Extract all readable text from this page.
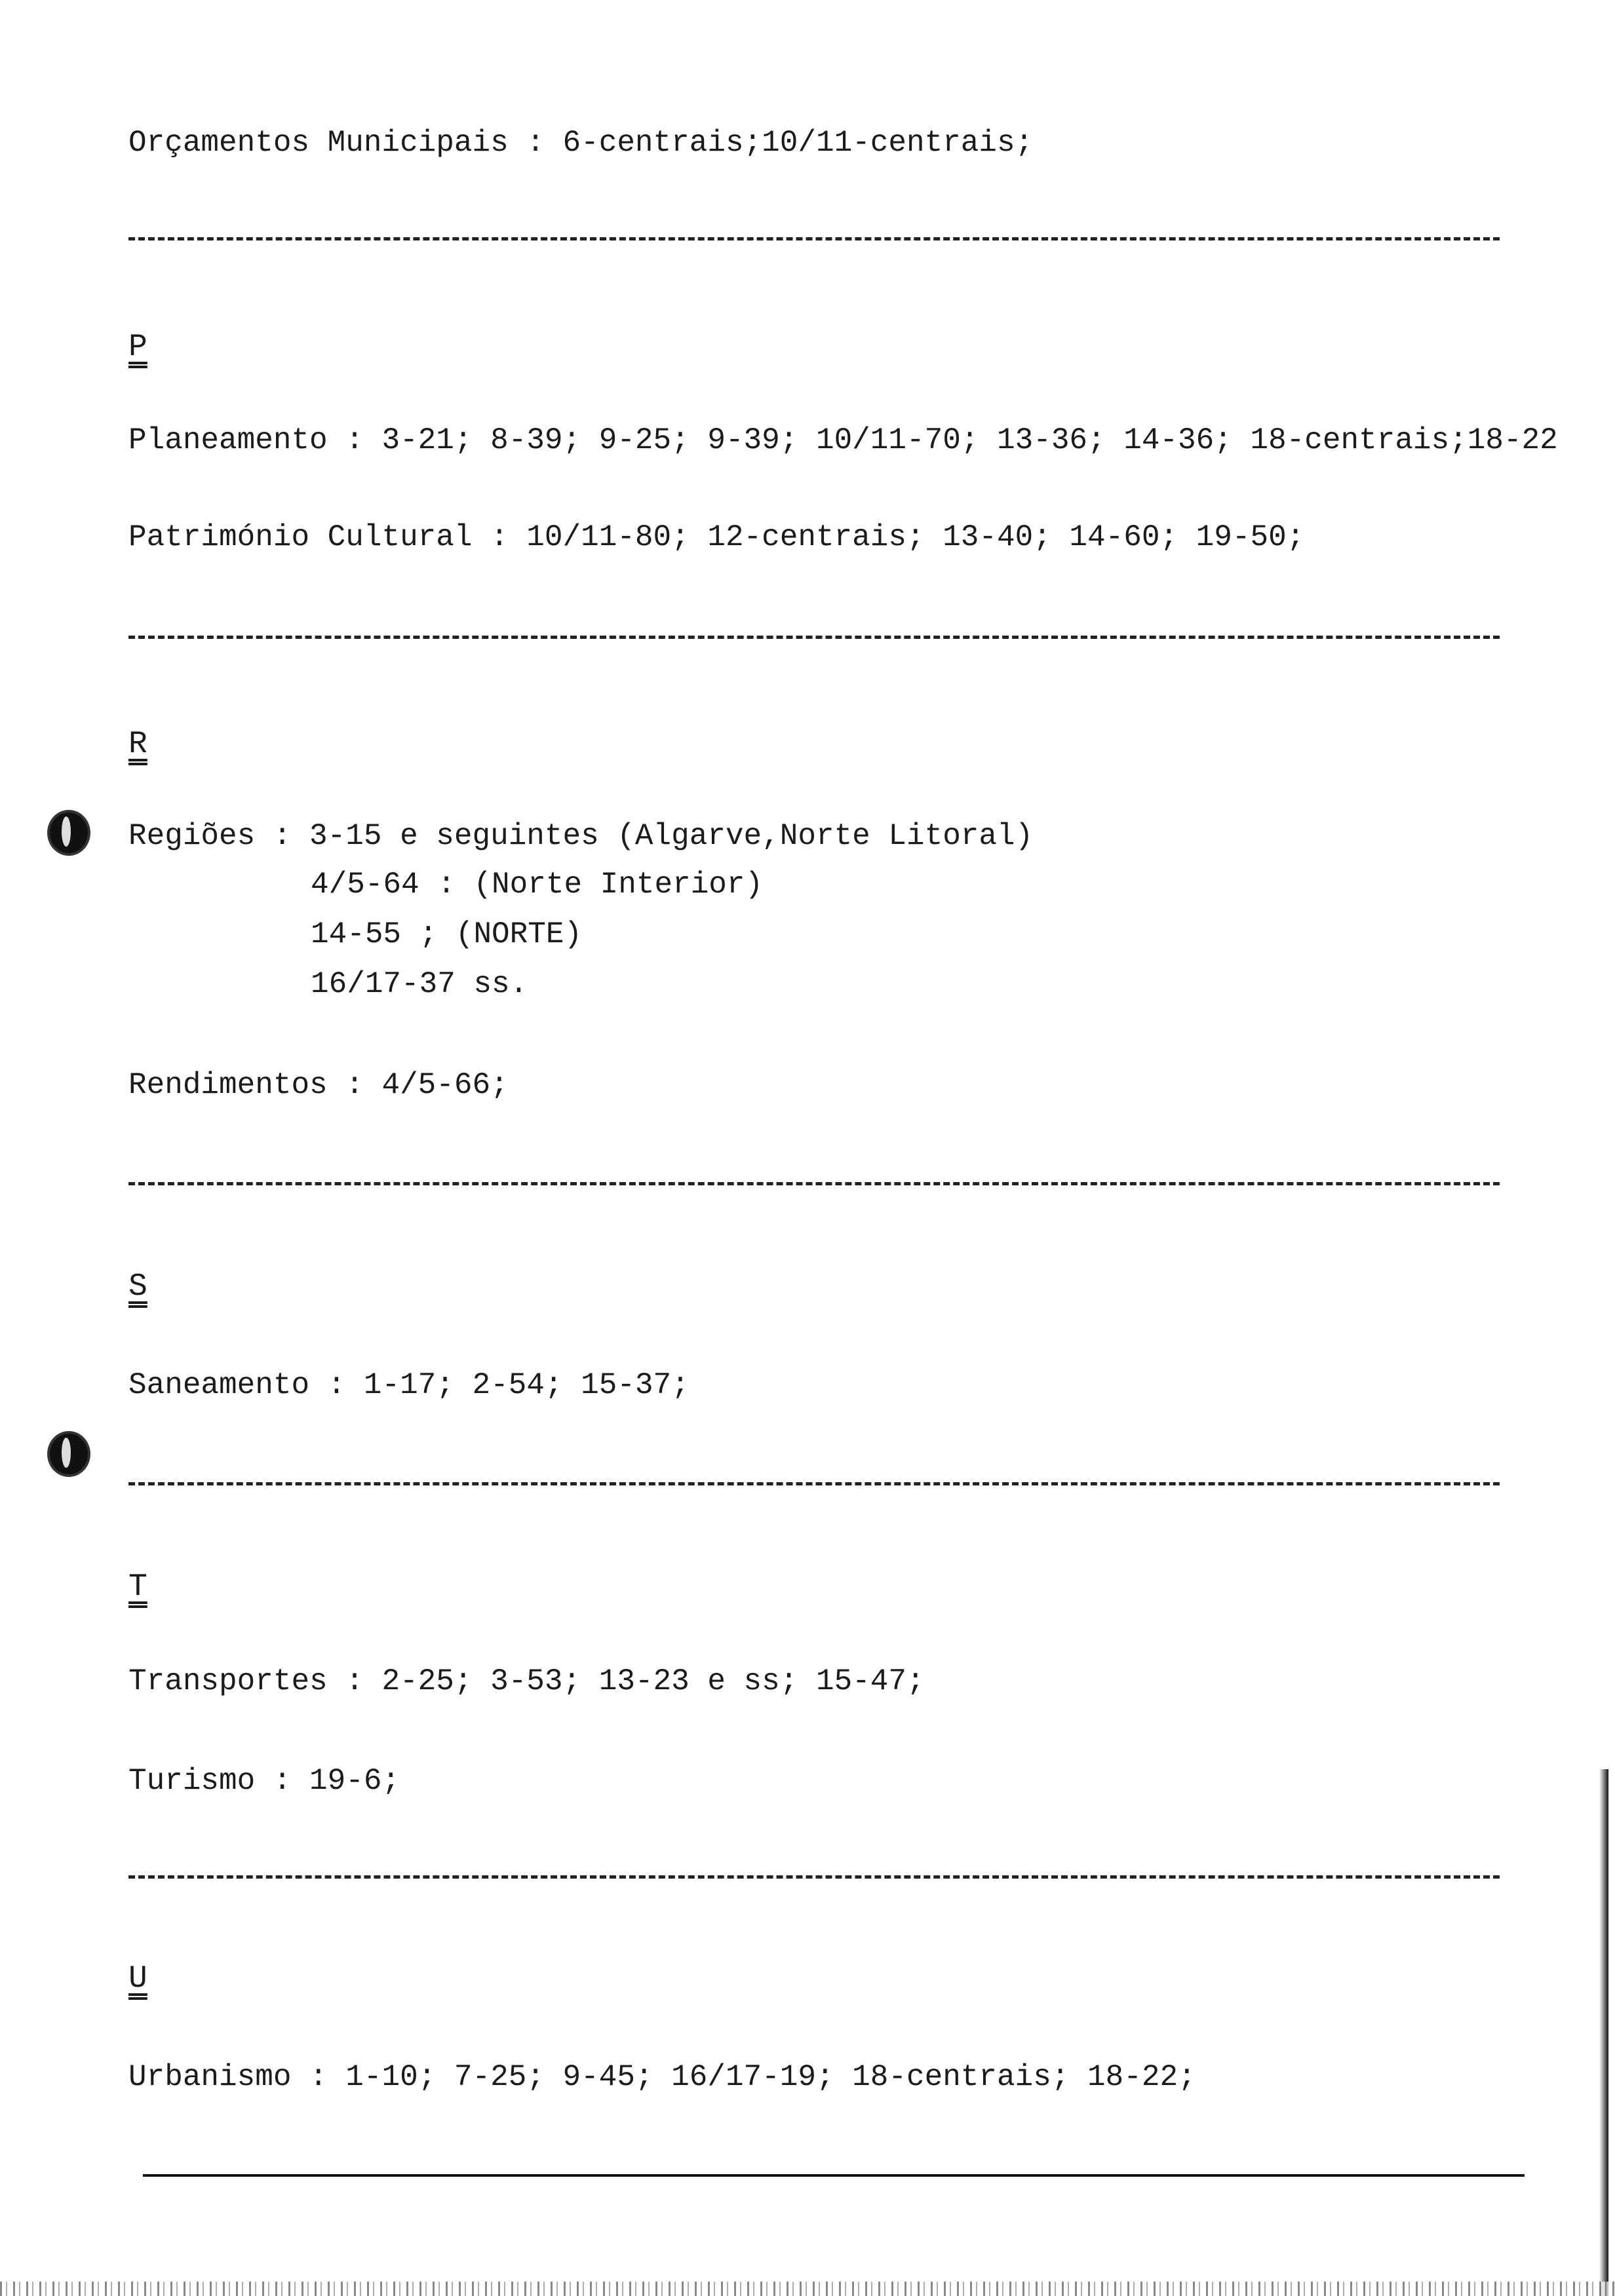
Orçamentos Municipais : 6-centrais;10/11-centrais;
P
Planeamento : 3-21; 8-39; 9-25; 9-39; 10/11-70; 13-36; 14-36; 18-centrais;18-22
Património Cultural : 10/11-80; 12-centrais; 13-40; 14-60; 19-50;
R
Regiões : 3-15 e seguintes (Algarve,Norte Litoral)
4/5-64 : (Norte Interior)
14-55 ; (NORTE)
16/17-37 ss.
Rendimentos : 4/5-66;
S
Saneamento : 1-17; 2-54; 15-37;
T
Transportes : 2-25; 3-53; 13-23 e ss; 15-47;
Turismo : 19-6;
U
Urbanismo : 1-10; 7-25; 9-45; 16/17-19; 18-centrais; 18-22;
